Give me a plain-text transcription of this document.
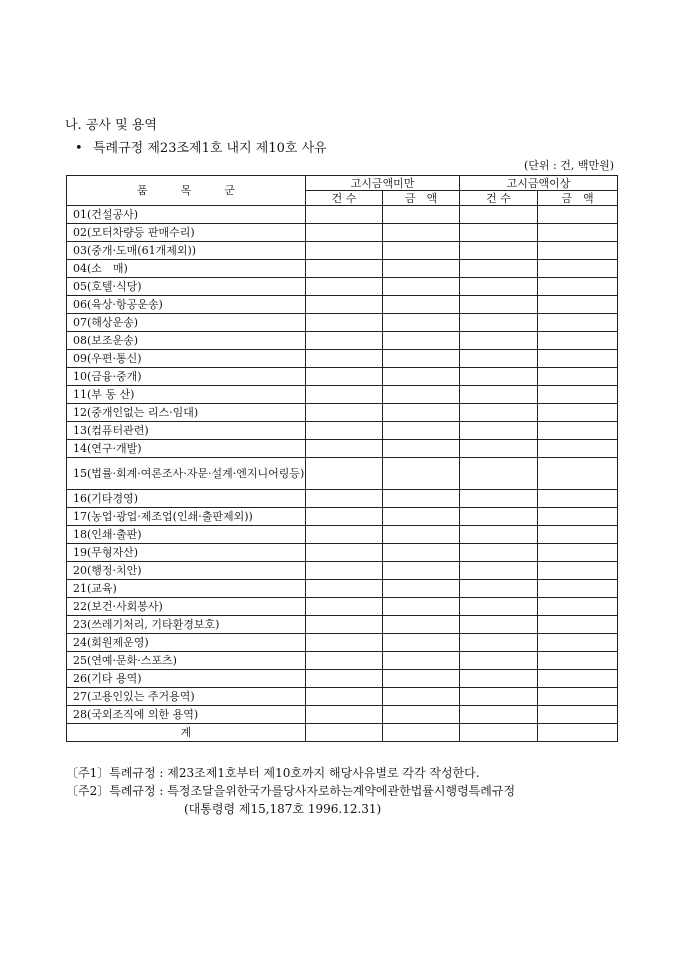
나. 공사 및 용역
• 특례규정 제23조제1호 내지 제10호 사유
(단위 : 건, 백만원)
품　　　목　　　군	고시금액미만		고시금액이상	
	건 수	금　액	건 수	금　액
01(건설공사)				
02(모터차량등 판매수리)				
03(중개·도매(61개제외))				
04(소　매)				
05(호텔·식당)				
06(육상·항공운송)				
07(해상운송)				
08(보조운송)				
09(우편·통신)				
10(금융·중개)				
11(부 동 산)				
12(중개인없는 리스·임대)				
13(컴퓨터관련)				
14(연구·개발)				
15(법률·회계·여론조사·자문·설계·엔지니어링등)				
16(기타경영)				
17(농업·광업·제조업(인쇄·출판제외))				
18(인쇄·출판)				
19(무형자산)				
20(행정·치안)				
21(교육)				
22(보건·사회봉사)				
23(쓰레기처리, 기타환경보호)				
24(회원제운영)				
25(연예·문화·스포츠)				
26(기타 용역)				
27(고용인있는 주거용역)				
28(국외조직에 의한 용역)				
계				
〔주1〕특례규정 : 제23조제1호부터 제10호까지 해당사유별로 각각 작성한다.
〔주2〕특례규정 : 특정조달을위한국가를당사자로하는계약에관한법률시행령특례규정
(대통령령 제15,187호 1996.12.31)
